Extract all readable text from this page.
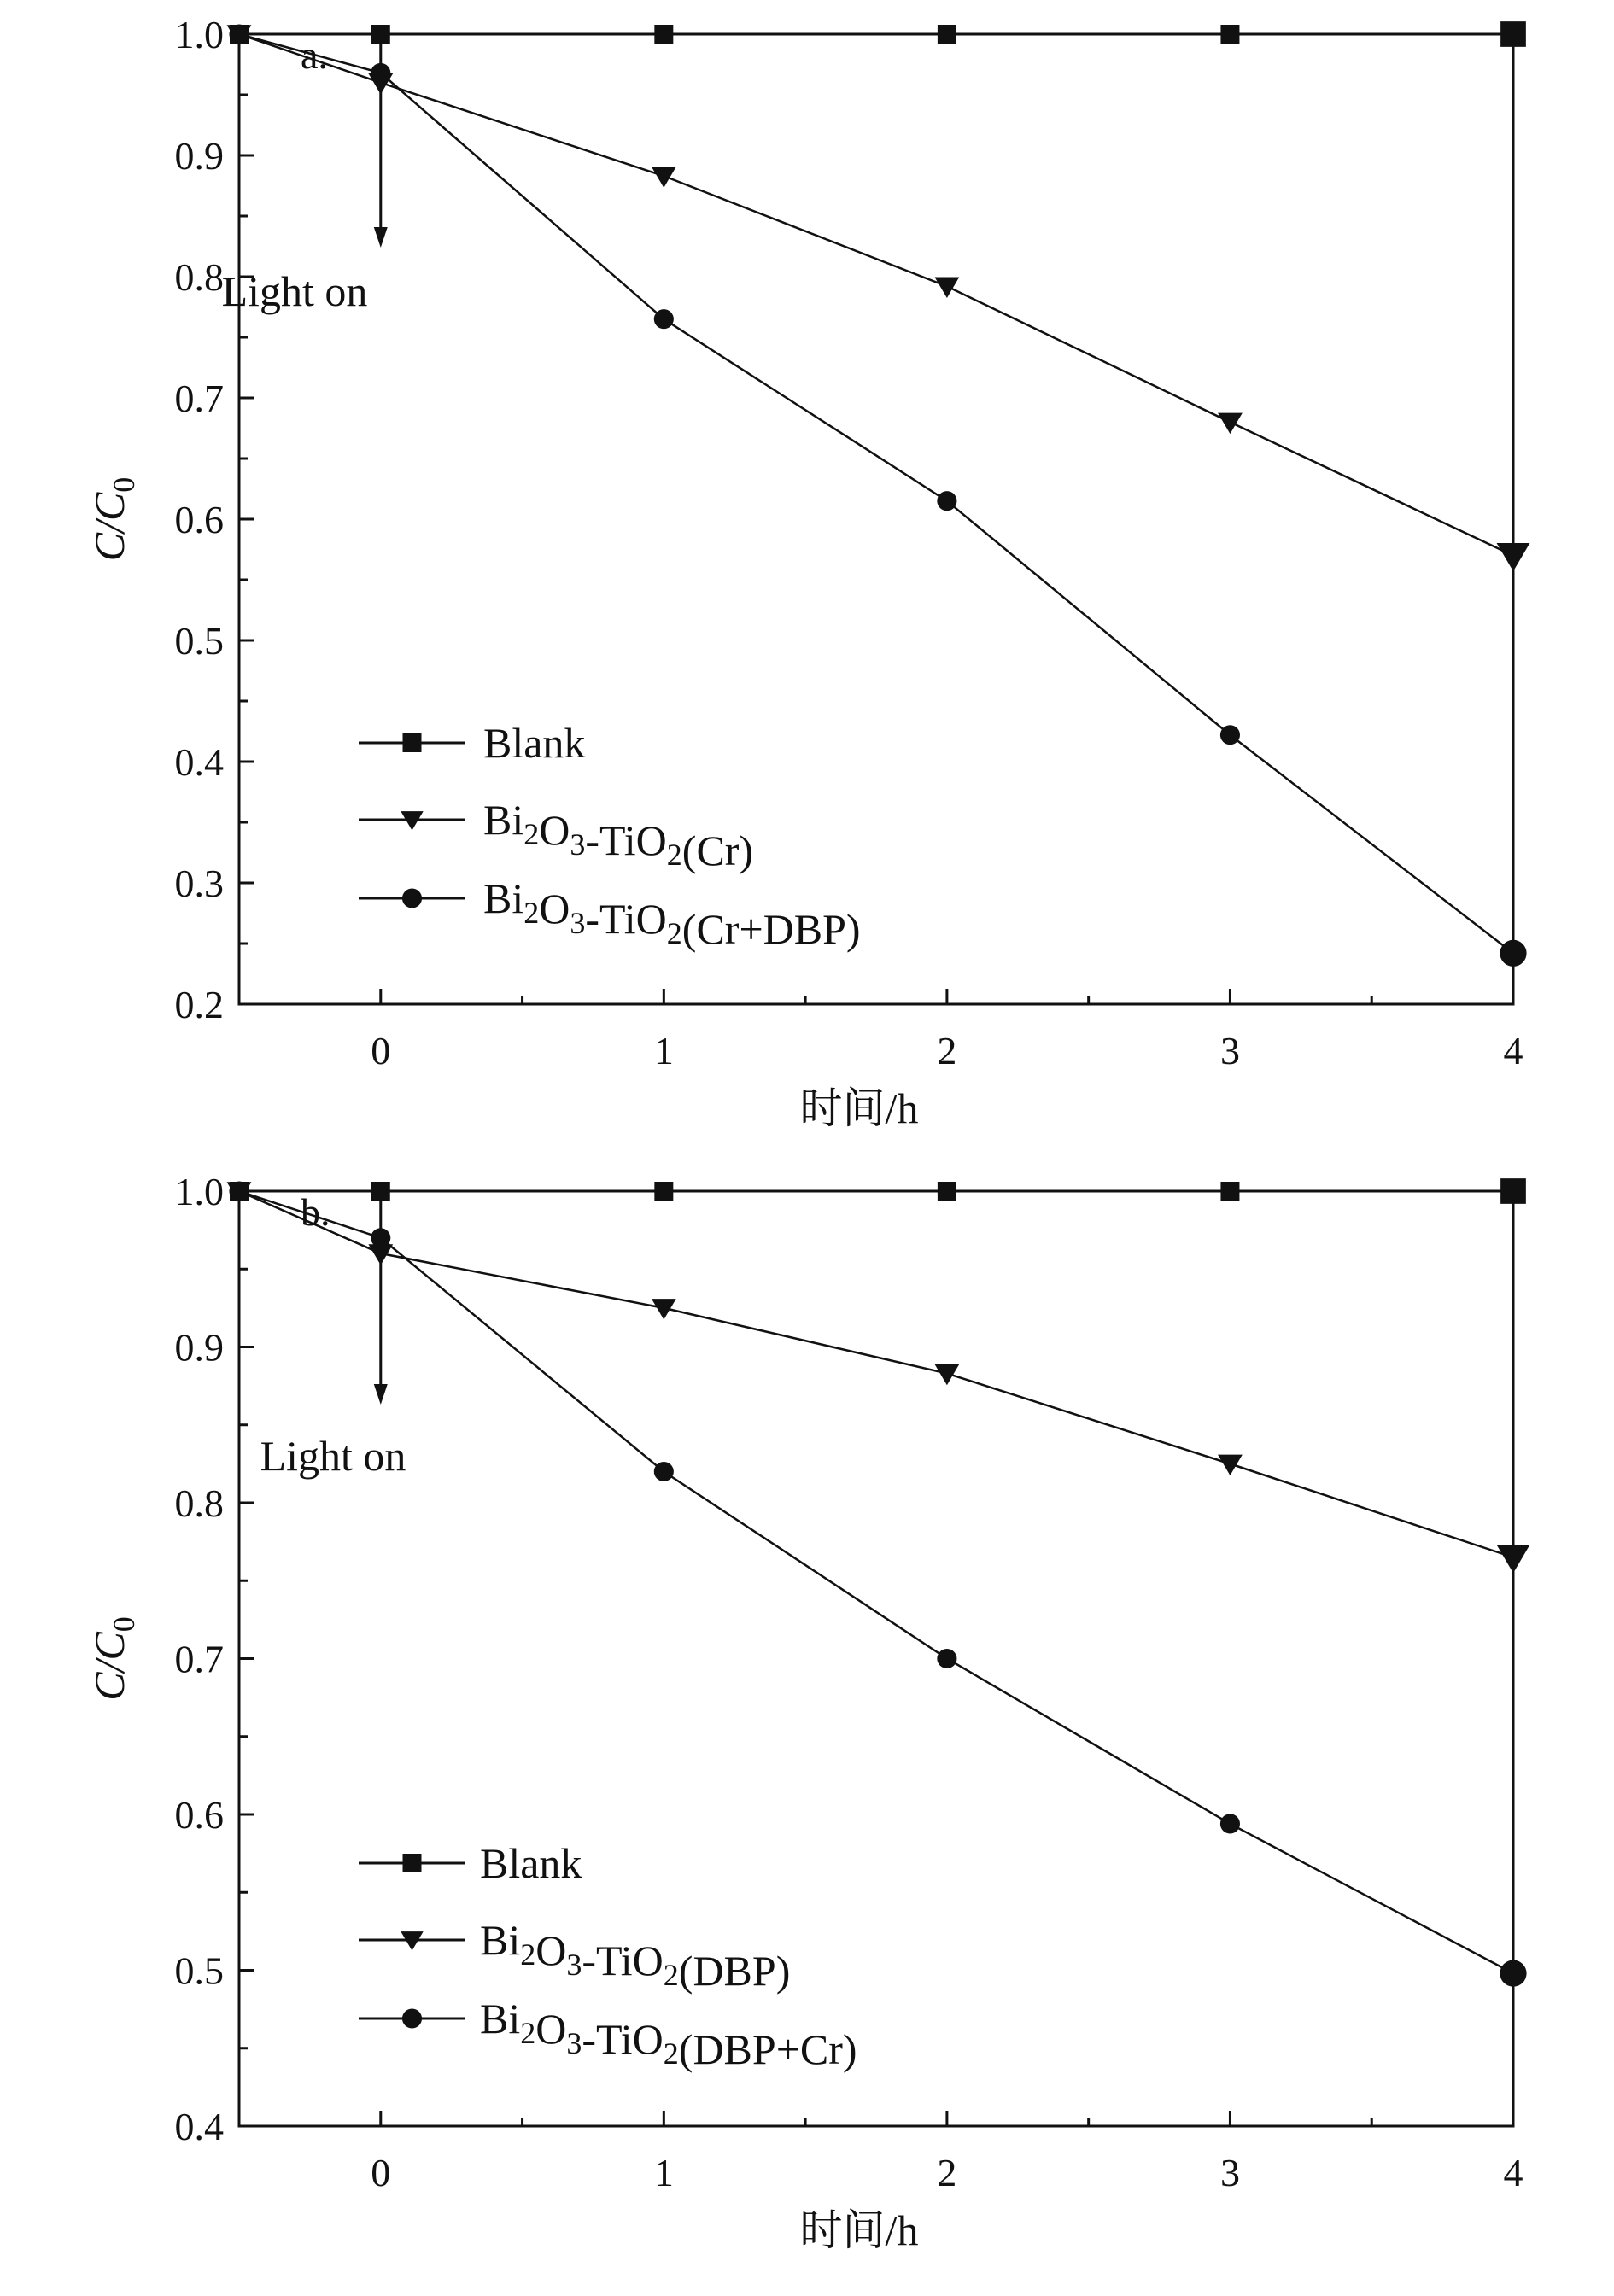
0.2
0.3
0.4
0.5
0.6
0.7
0.8
0.9
1.0
0	1	2	3	4
时间/h
$C/C_0$
a.
Light on
Blank
$Bi_2O_3-TiO_2(Cr)$
$Bi_2O_3-TiO_2(Cr+DBP)$
0.4
0.5
0.6
0.7
0.8
0.9
1.0
0	1	2	3	4
时间/h
$C/C_0$
b.
Light on
Blank
$Bi_2O_3-TiO_2(DBP)$
$Bi_2O_3-TiO_2(DBP+Cr)$
